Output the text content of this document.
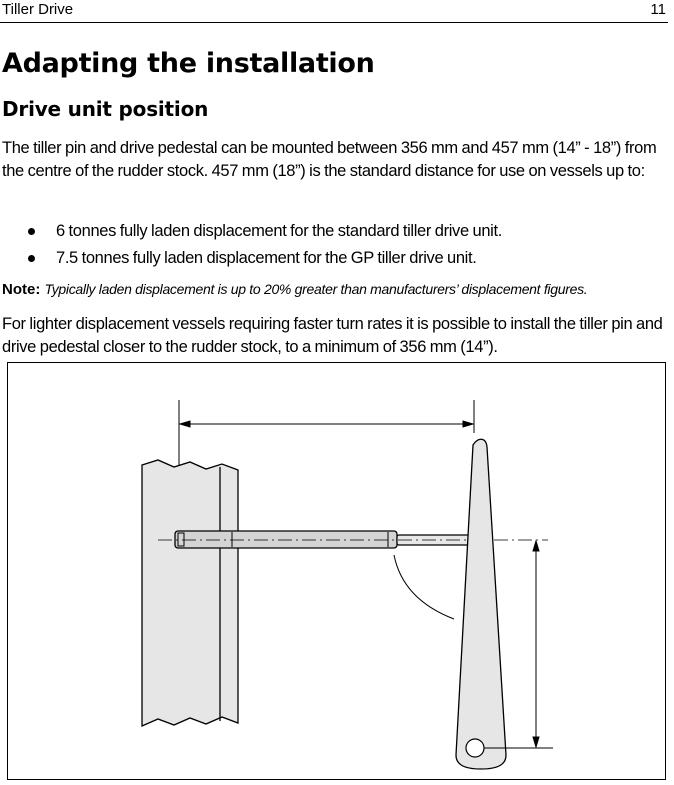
Tiller Drive	11
Adapting the installation
Drive unit position
The tiller pin and drive pedestal can be mounted between 356 mm and 457 mm (14” - 18”) from the centre of the rudder stock. 457 mm (18”) is the standard distance for use on vessels up to:
6 tonnes fully laden displacement for the standard tiller drive unit.
7.5 tonnes fully laden displacement for the GP tiller drive unit.
Note: Typically laden displacement is up to 20% greater than manufacturers’ displacement figures.
For lighter displacement vessels requiring faster turn rates it is possible to install the tiller pin and drive pedestal closer to the rudder stock, to a minimum of 356 mm (14”).
